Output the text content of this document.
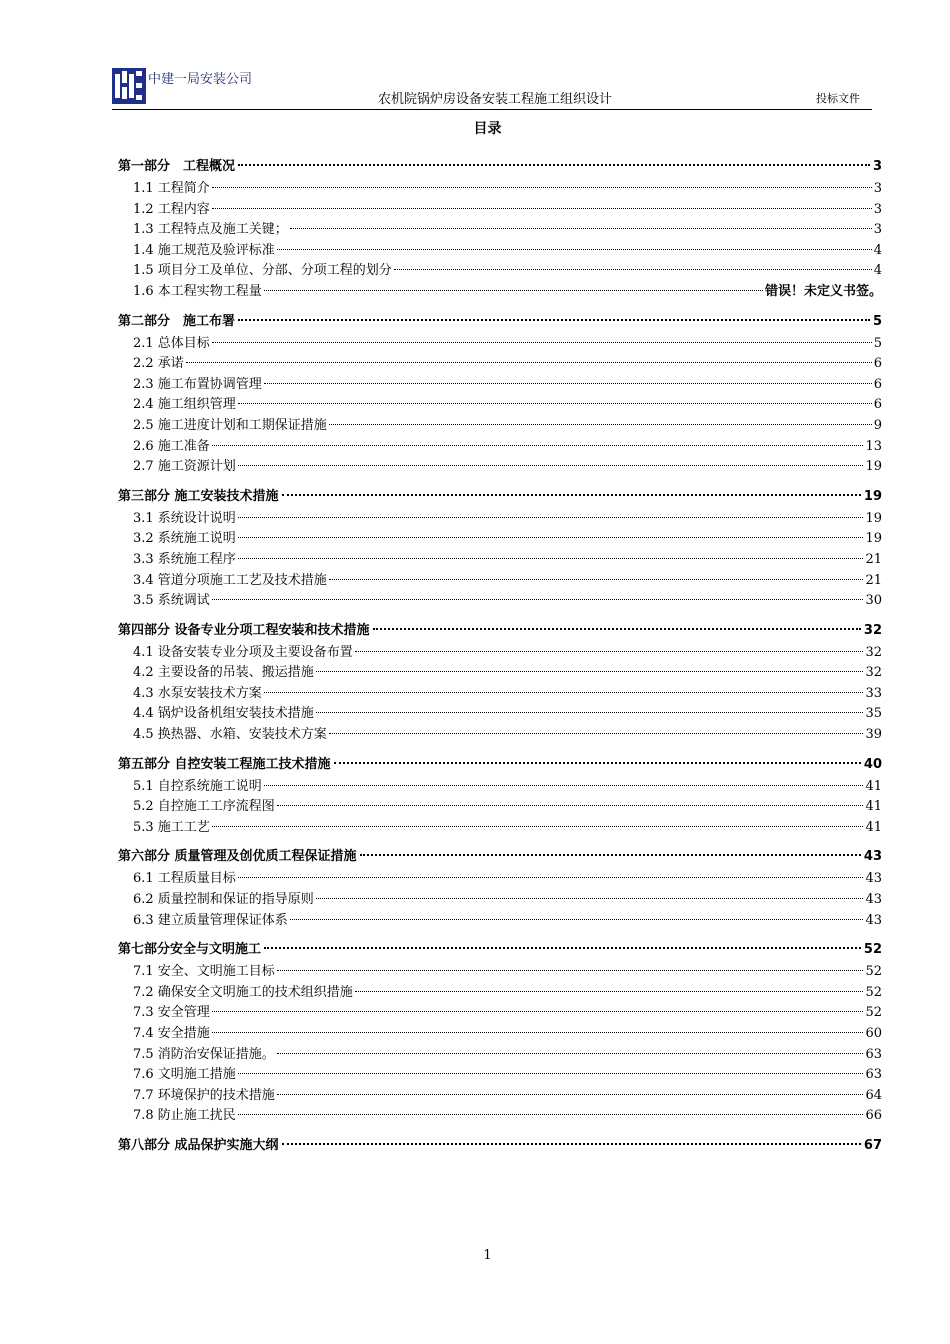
中建一局安装公司
农机院锅炉房设备安装工程施工组织设计	投标文件
目录
第一部分　工程概况	3
1.1 工程简介	3
1.2 工程内容	3
1.3 工程特点及施工关键；	3
1.4 施工规范及验评标准	4
1.5 项目分工及单位、分部、分项工程的划分	4
1.6 本工程实物工程量	错误！未定义书签。
第二部分　施工布署	5
2.1 总体目标	5
2.2 承诺	6
2.3 施工布置协调管理	6
2.4 施工组织管理	6
2.5 施工进度计划和工期保证措施	9
2.6 施工准备	13
2.7 施工资源计划	19
第三部分 施工安装技术措施	19
3.1 系统设计说明	19
3.2 系统施工说明	19
3.3 系统施工程序	21
3.4 管道分项施工工艺及技术措施	21
3.5 系统调试	30
第四部分 设备专业分项工程安装和技术措施	32
4.1 设备安装专业分项及主要设备布置	32
4.2 主要设备的吊装、搬运措施	32
4.3 水泵安装技术方案	33
4.4 锅炉设备机组安装技术措施	35
4.5 换热器、水箱、安装技术方案	39
第五部分 自控安装工程施工技术措施	40
5.1 自控系统施工说明	41
5.2 自控施工工序流程图	41
5.3 施工工艺	41
第六部分 质量管理及创优质工程保证措施	43
6.1 工程质量目标	43
6.2 质量控制和保证的指导原则	43
6.3 建立质量管理保证体系	43
第七部分安全与文明施工	52
7.1 安全、文明施工目标	52
7.2 确保安全文明施工的技术组织措施	52
7.3 安全管理	52
7.4 安全措施	60
7.5 消防治安保证措施。	63
7.6 文明施工措施	63
7.7 环境保护的技术措施	64
7.8 防止施工扰民	66
第八部分 成品保护实施大纲	67
1
